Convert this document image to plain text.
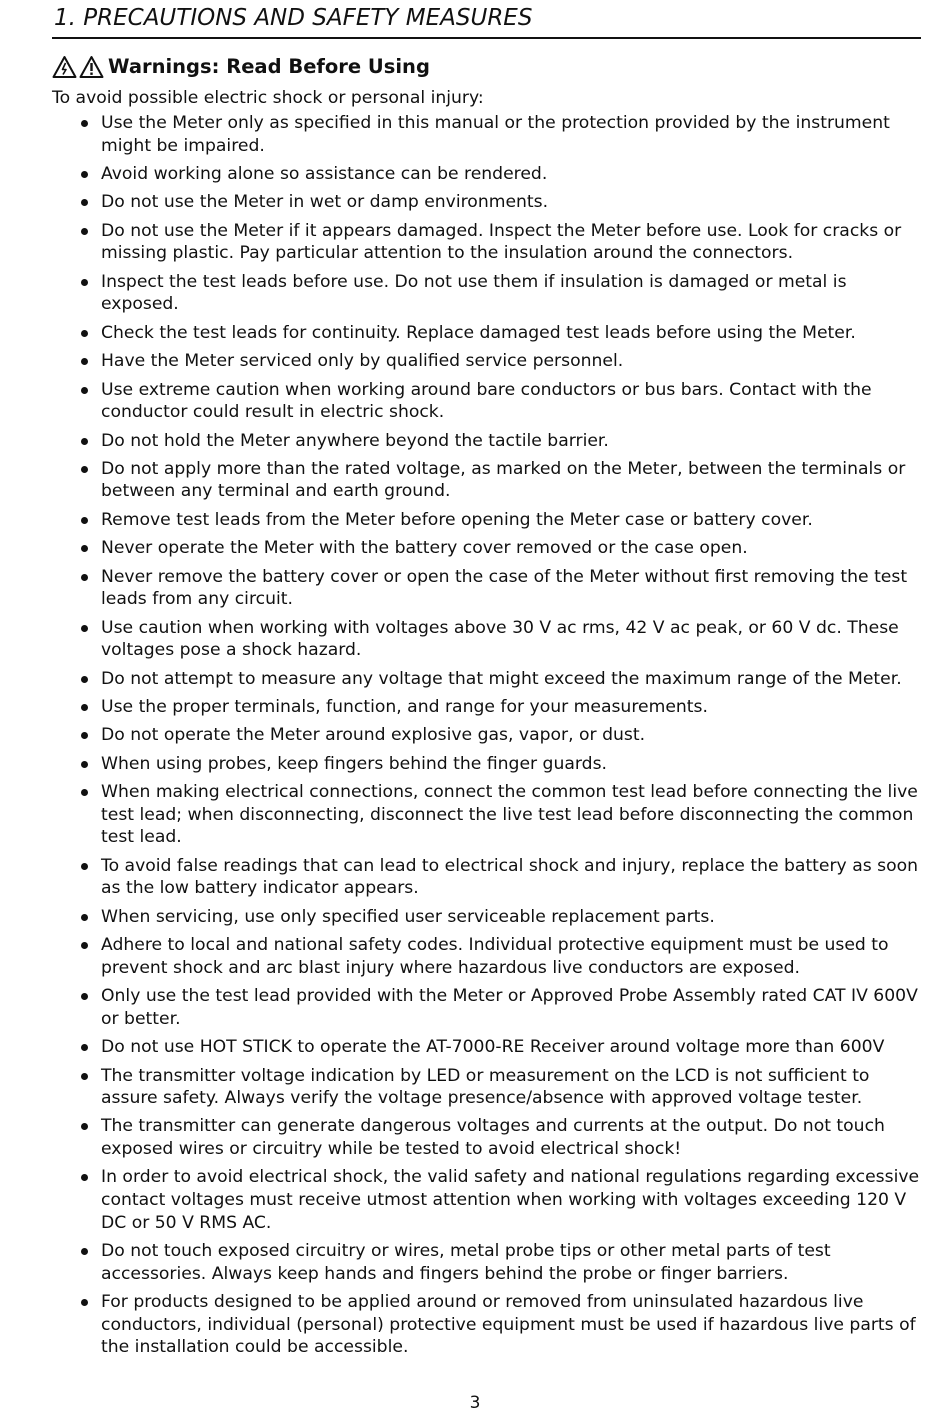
1. PRECAUTIONS AND SAFETY MEASURES
Warnings: Read Before Using
To avoid possible electric shock or personal injury:
Use the Meter only as specified in this manual or the protection provided by the instrument might be impaired.
Avoid working alone so assistance can be rendered.
Do not use the Meter in wet or damp environments.
Do not use the Meter if it appears damaged. Inspect the Meter before use. Look for cracks or missing plastic. Pay particular attention to the insulation around the connectors.
Inspect the test leads before use. Do not use them if insulation is damaged or metal is exposed.
Check the test leads for continuity. Replace damaged test leads before using the Meter.
Have the Meter serviced only by qualified service personnel.
Use extreme caution when working around bare conductors or bus bars. Contact with the conductor could result in electric shock.
Do not hold the Meter anywhere beyond the tactile barrier.
Do not apply more than the rated voltage, as marked on the Meter, between the terminals or between any terminal and earth ground.
Remove test leads from the Meter before opening the Meter case or battery cover.
Never operate the Meter with the battery cover removed or the case open.
Never remove the battery cover or open the case of the Meter without first removing the test leads from any circuit.
Use caution when working with voltages above 30 V ac rms, 42 V ac peak, or 60 V dc. These voltages pose a shock hazard.
Do not attempt to measure any voltage that might exceed the maximum range of the Meter.
Use the proper terminals, function, and range for your measurements.
Do not operate the Meter around explosive gas, vapor, or dust.
When using probes, keep fingers behind the finger guards.
When making electrical connections, connect the common test lead before connecting the live test lead; when disconnecting, disconnect the live test lead before disconnecting the common test lead.
To avoid false readings that can lead to electrical shock and injury, replace the battery as soon as the low battery indicator appears.
When servicing, use only specified user serviceable replacement parts.
Adhere to local and national safety codes. Individual protective equipment must be used to prevent shock and arc blast injury where hazardous live conductors are exposed.
Only use the test lead provided with the Meter or Approved Probe Assembly rated CAT IV 600V or better.
Do not use HOT STICK to operate the AT-7000-RE Receiver around voltage more than 600V
The transmitter voltage indication by LED or measurement on the LCD is not sufficient to assure safety. Always verify the voltage presence/absence with approved voltage tester.
The transmitter can generate dangerous voltages and currents at the output. Do not touch exposed wires or circuitry while be tested to avoid electrical shock!
In order to avoid electrical shock, the valid safety and national regulations regarding excessive contact voltages must receive utmost attention when working with voltages exceeding 120 V DC or 50 V RMS AC.
Do not touch exposed circuitry or wires, metal probe tips or other metal parts of test accessories. Always keep hands and fingers behind the probe or finger barriers.
For products designed to be applied around or removed from uninsulated hazardous live conductors, individual (personal) protective equipment must be used if hazardous live parts of the installation could be accessible.
3
